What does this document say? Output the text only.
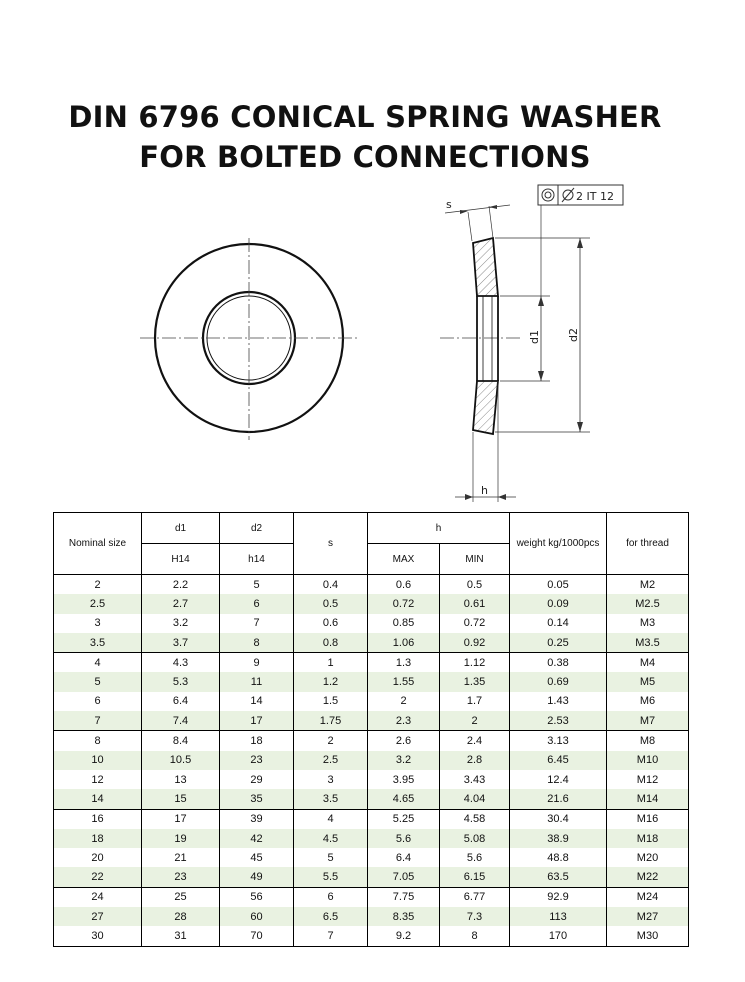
DIN 6796 CONICAL SPRING WASHER
FOR BOLTED CONNECTIONS
d2
d1
2 IT 12
s
h
Nominal size	d1	d2	s	h		weight kg/1000pcs	for thread
	H14	h14		MAX	MIN		
2	2.2	5	0.4	0.6	0.5	0.05	M2
2.5	2.7	6	0.5	0.72	0.61	0.09	M2.5
3	3.2	7	0.6	0.85	0.72	0.14	M3
3.5	3.7	8	0.8	1.06	0.92	0.25	M3.5
4	4.3	9	1	1.3	1.12	0.38	M4
5	5.3	11	1.2	1.55	1.35	0.69	M5
6	6.4	14	1.5	2	1.7	1.43	M6
7	7.4	17	1.75	2.3	2	2.53	M7
8	8.4	18	2	2.6	2.4	3.13	M8
10	10.5	23	2.5	3.2	2.8	6.45	M10
12	13	29	3	3.95	3.43	12.4	M12
14	15	35	3.5	4.65	4.04	21.6	M14
16	17	39	4	5.25	4.58	30.4	M16
18	19	42	4.5	5.6	5.08	38.9	M18
20	21	45	5	6.4	5.6	48.8	M20
22	23	49	5.5	7.05	6.15	63.5	M22
24	25	56	6	7.75	6.77	92.9	M24
27	28	60	6.5	8.35	7.3	113	M27
30	31	70	7	9.2	8	170	M30
